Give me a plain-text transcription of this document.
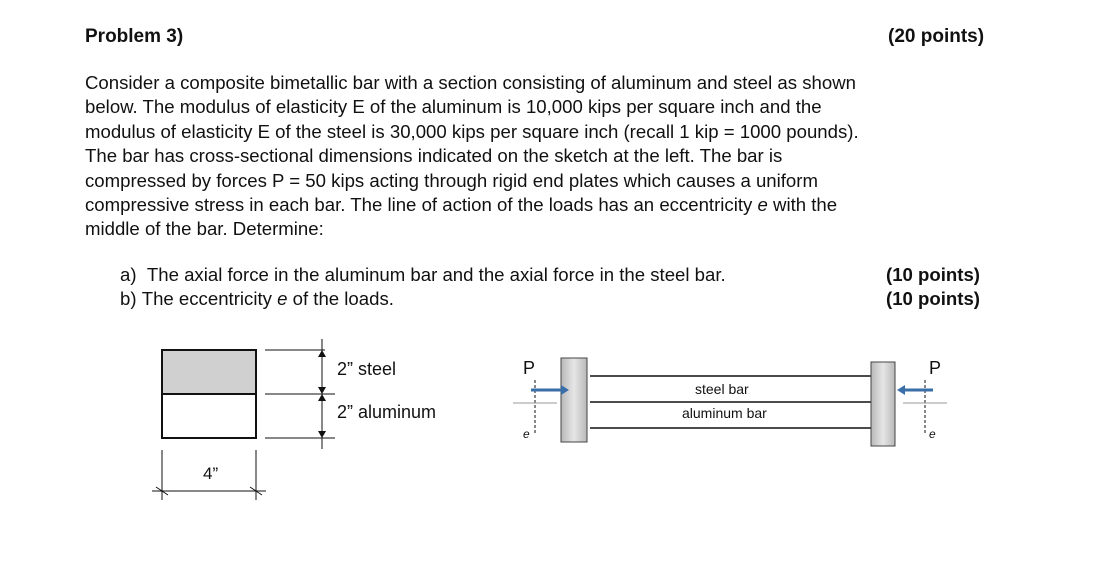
Problem 3)	(20 points)
Consider a composite bimetallic bar with a section consisting of aluminum and steel as shown
below. The modulus of elasticity E of the aluminum is 10,000 kips per square inch and the
modulus of elasticity E of the steel is 30,000 kips per square inch (recall 1 kip = 1000 pounds).
The bar has cross-sectional dimensions indicated on the sketch at the left. The bar is
compressed by forces P = 50 kips acting through rigid end plates which causes a uniform
compressive stress in each bar. The line of action of the loads has an eccentricity e with the
middle of the bar. Determine:
a) The axial force in the aluminum bar and the axial force in the steel bar.	(10 points)
b) The eccentricity e of the loads.	(10 points)
2” steel
2” aluminum
4”
P
e
P
e
steel bar
aluminum bar
